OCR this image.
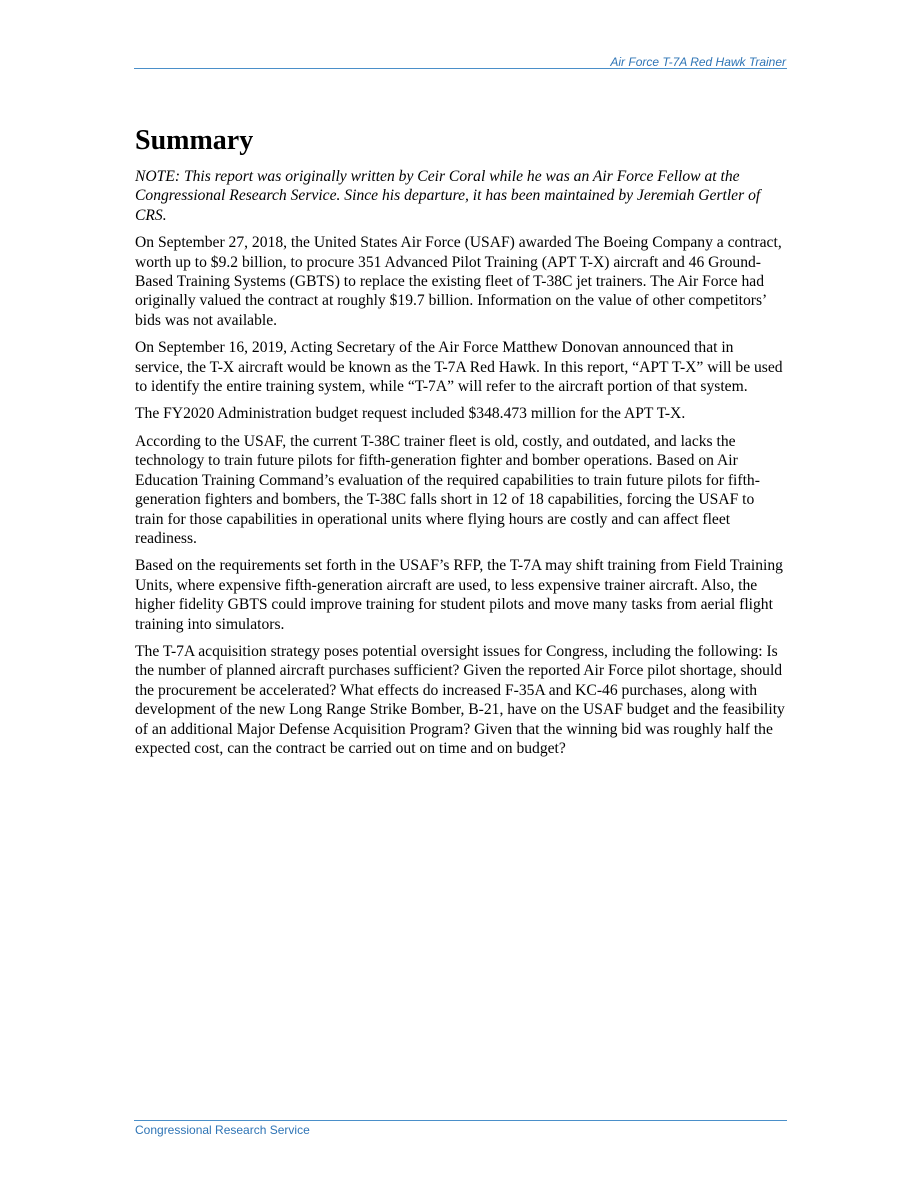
Air Force T-7A Red Hawk Trainer
Summary

NOTE: This report was originally written by Ceir Coral while he was an Air Force Fellow at the Congressional Research Service. Since his departure, it has been maintained by Jeremiah Gertler of CRS.

On September 27, 2018, the United States Air Force (USAF) awarded The Boeing Company a contract, worth up to $9.2 billion, to procure 351 Advanced Pilot Training (APT T-X) aircraft and 46 Ground-Based Training Systems (GBTS) to replace the existing fleet of T-38C jet trainers. The Air Force had originally valued the contract at roughly $19.7 billion. Information on the value of other competitors’ bids was not available.

On September 16, 2019, Acting Secretary of the Air Force Matthew Donovan announced that in service, the T-X aircraft would be known as the T-7A Red Hawk. In this report, “APT T-X” will be used to identify the entire training system, while “T-7A” will refer to the aircraft portion of that system.

The FY2020 Administration budget request included $348.473 million for the APT T-X.

According to the USAF, the current T-38C trainer fleet is old, costly, and outdated, and lacks the technology to train future pilots for fifth-generation fighter and bomber operations. Based on Air Education Training Command’s evaluation of the required capabilities to train future pilots for fifth-generation fighters and bombers, the T-38C falls short in 12 of 18 capabilities, forcing the USAF to train for those capabilities in operational units where flying hours are costly and can affect fleet readiness.

Based on the requirements set forth in the USAF’s RFP, the T-7A may shift training from Field Training Units, where expensive fifth-generation aircraft are used, to less expensive trainer aircraft. Also, the higher fidelity GBTS could improve training for student pilots and move many tasks from aerial flight training into simulators.

The T-7A acquisition strategy poses potential oversight issues for Congress, including the following: Is the number of planned aircraft purchases sufficient? Given the reported Air Force pilot shortage, should the procurement be accelerated? What effects do increased F-35A and KC-46 purchases, along with development of the new Long Range Strike Bomber, B-21, have on the USAF budget and the feasibility of an additional Major Defense Acquisition Program? Given that the winning bid was roughly half the expected cost, can the contract be carried out on time and on budget?

Congressional Research Service
